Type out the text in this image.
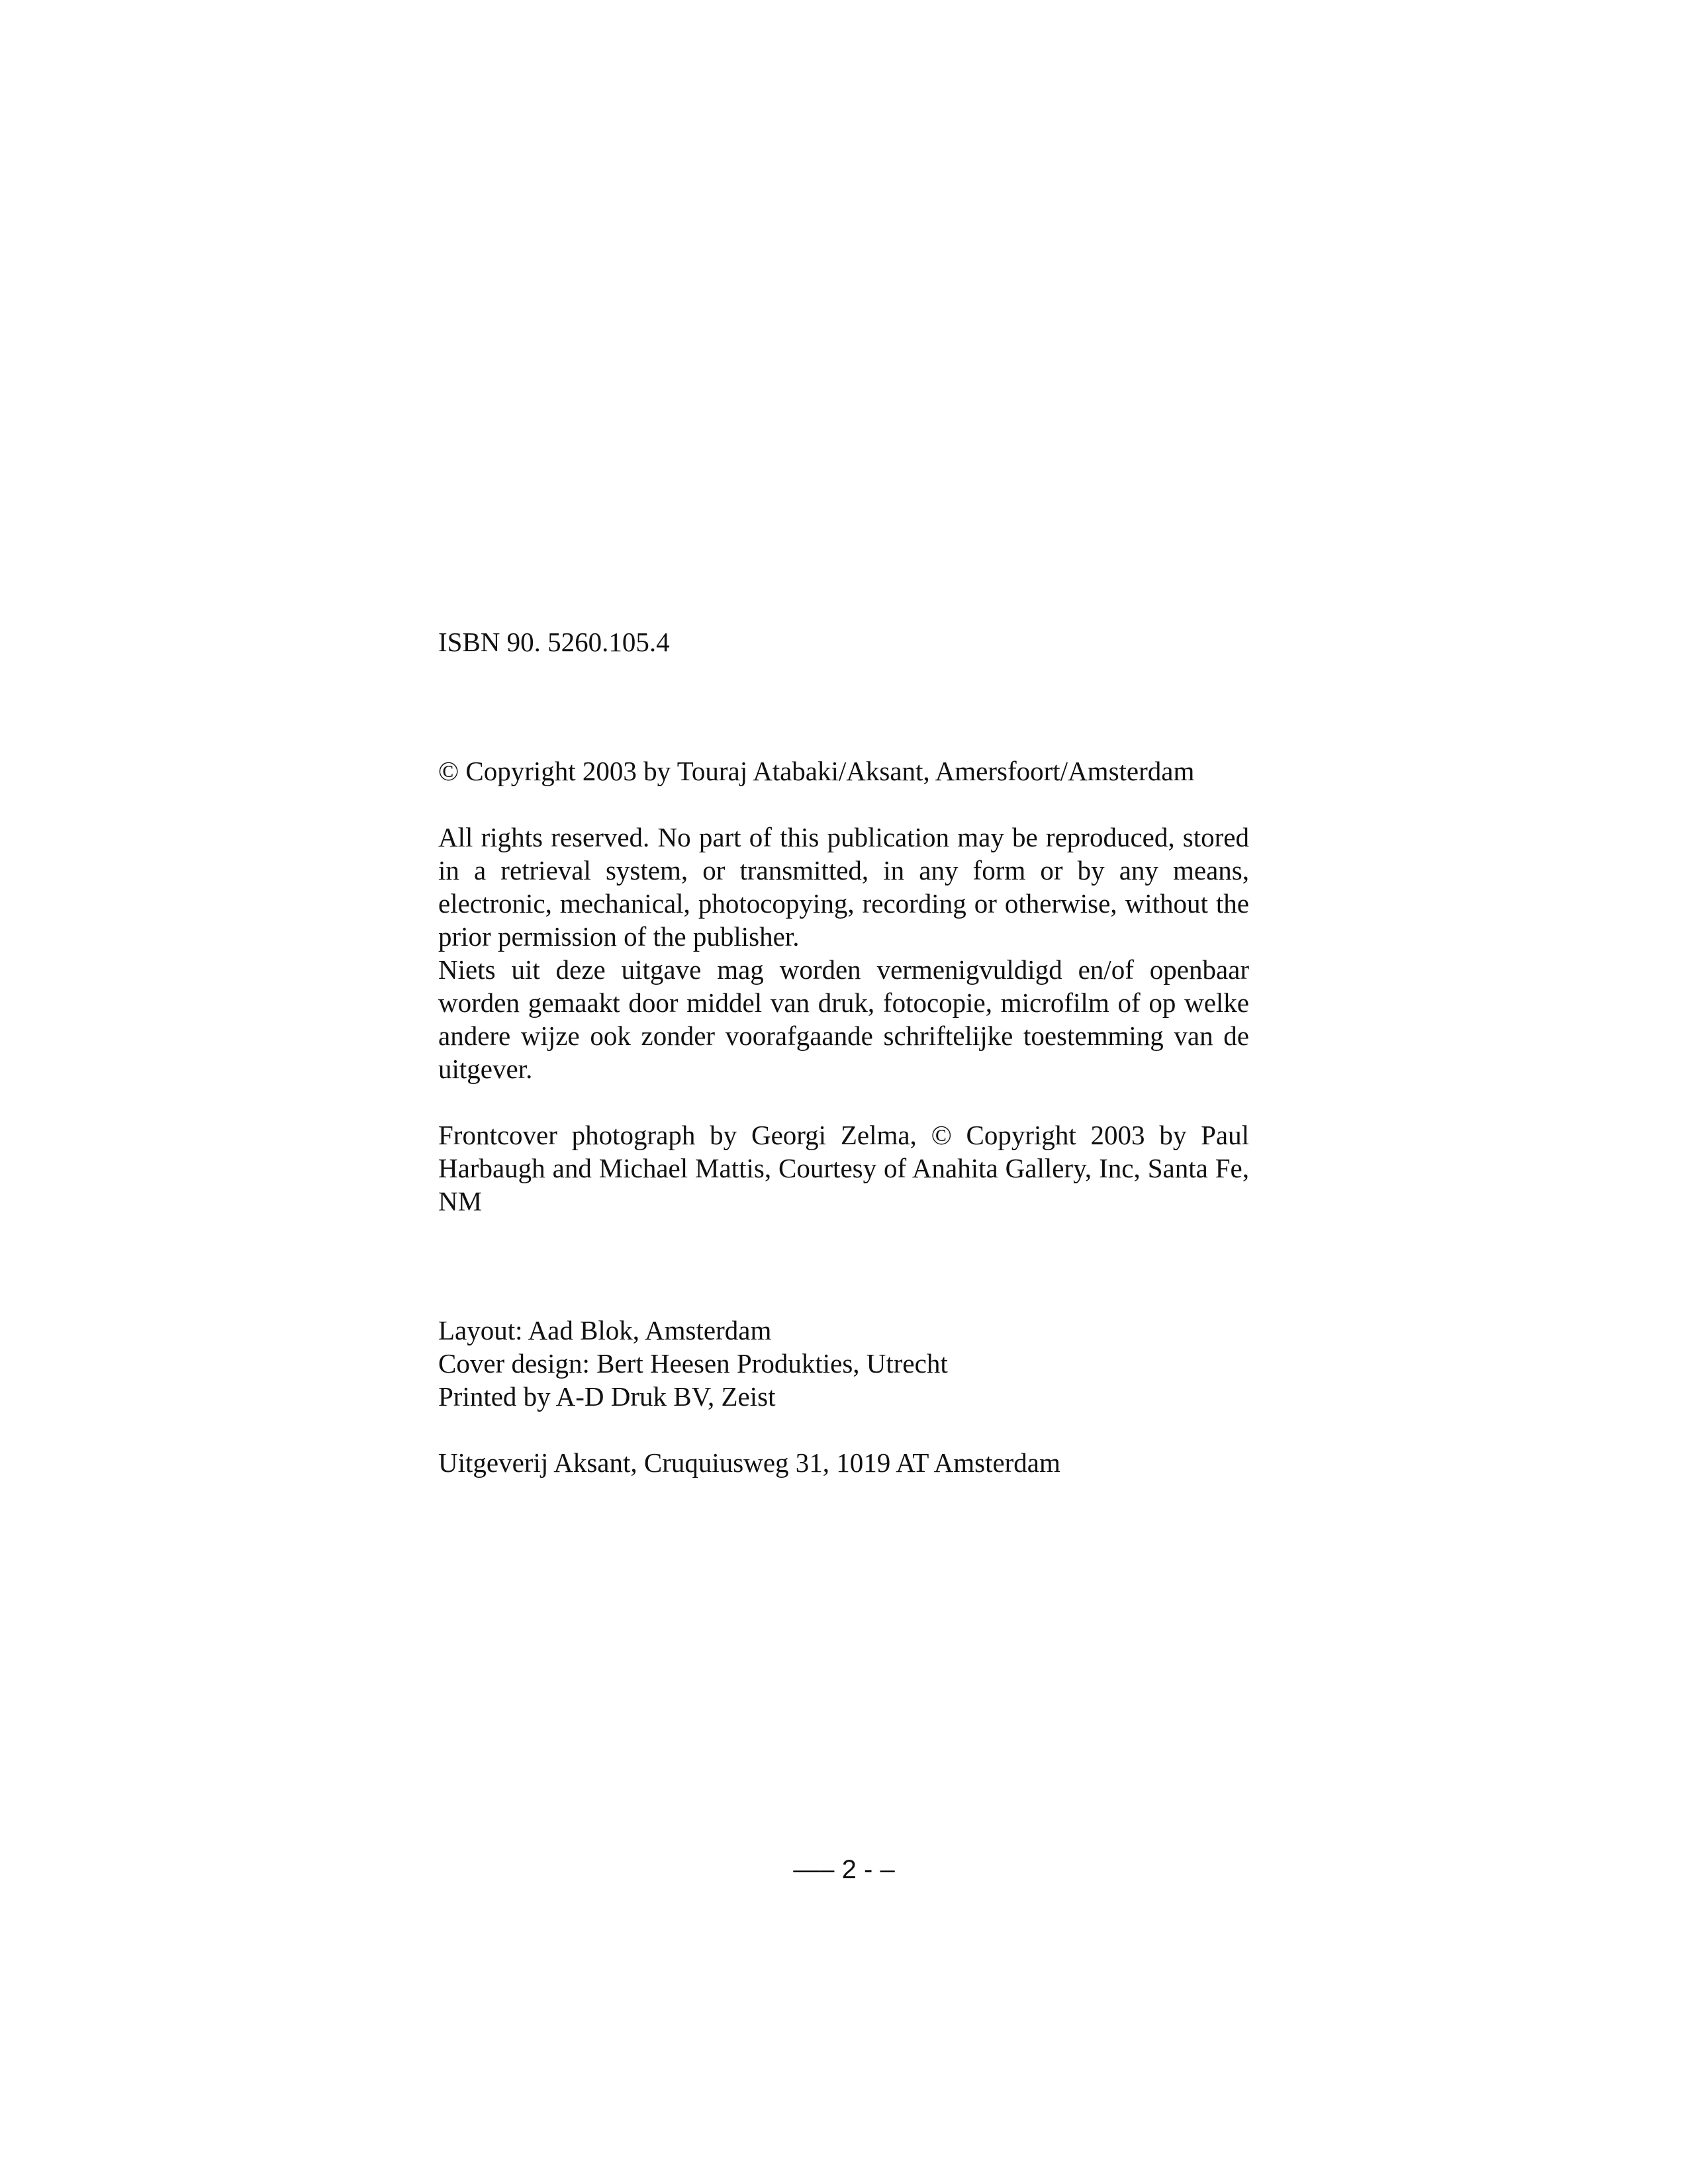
ISBN 90. 5260.105.4

© Copyright 2003 by Touraj Atabaki/Aksant, Amersfoort/Amsterdam

All rights reserved. No part of this publication may be reproduced, stored in a retrieval system, or transmitted, in any form or by any means, electronic, mechanical, photocopying, recording or otherwise, without the prior permission of the publisher.

Niets uit deze uitgave mag worden vermenigvuldigd en/of openbaar worden gemaakt door middel van druk, fotocopie, microfilm of op welke andere wijze ook zonder voorafgaande schriftelijke toestemming van de uitgever.

Frontcover photograph by Georgi Zelma, © Copyright 2003 by Paul Harbaugh and Michael Mattis, Courtesy of Anahita Gallery, Inc, Santa Fe, NM

Layout: Aad Blok, Amsterdam
Cover design: Bert Heesen Produkties, Utrecht
Printed by A-D Druk BV, Zeist

Uitgeverij Aksant, Cruquiusweg 31, 1019 AT Amsterdam

—– 2 - –
